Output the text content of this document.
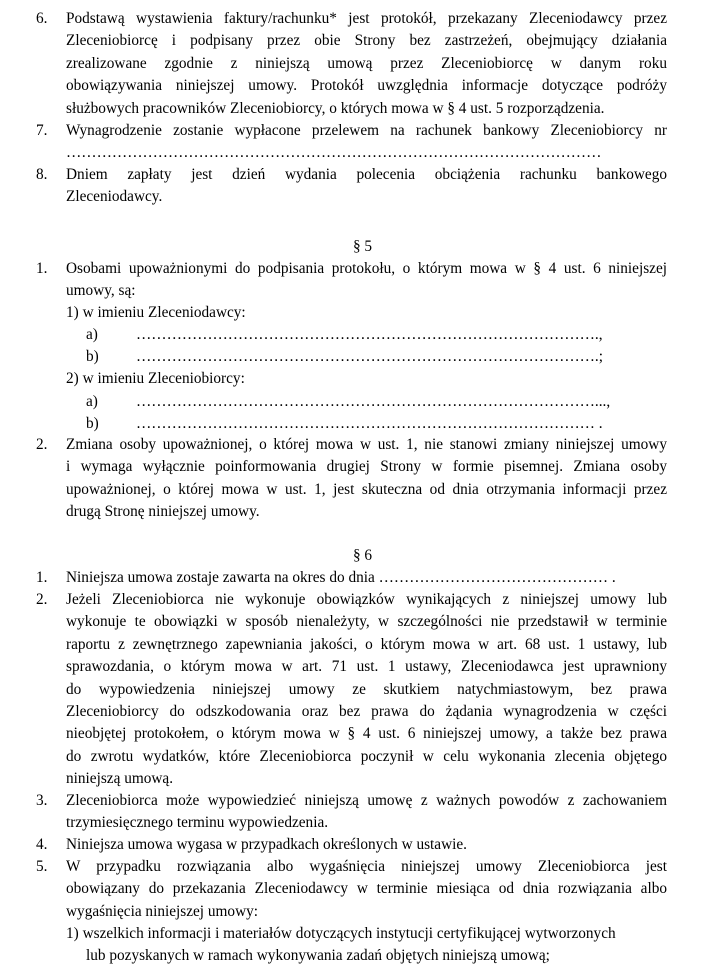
6. Podstawą wystawienia faktury/rachunku* jest protokół, przekazany Zleceniodawcy przez
Zleceniobiorcę i podpisany przez obie Strony bez zastrzeżeń, obejmujący działania
zrealizowane zgodnie z niniejszą umową przez Zleceniobiorcę w danym roku
obowiązywania niniejszej umowy. Protokół uwzględnia informacje dotyczące podróży
służbowych pracowników Zleceniobiorcy, o których mowa w § 4 ust. 5 rozporządzenia.
7. Wynagrodzenie zostanie wypłacone przelewem na rachunek bankowy Zleceniobiorcy nr
……………………………………………………………………………………………
8. Dniem zapłaty jest dzień wydania polecenia obciążenia rachunku bankowego
Zleceniodawcy.
§ 5
1. Osobami upoważnionymi do podpisania protokołu, o którym mowa w § 4 ust. 6 niniejszej
umowy, są:
1) w imieniu Zleceniodawcy:
a) ……………………………………………………………………………….,
b) ……………………………………………………………………………….;
2) w imieniu Zleceniobiorcy:
a) ………………………………………………………………………………...,
b) ……………………………………………………………………………… .
2. Zmiana osoby upoważnionej, o której mowa w ust. 1, nie stanowi zmiany niniejszej umowy
i wymaga wyłącznie poinformowania drugiej Strony w formie pisemnej. Zmiana osoby
upoważnionej, o której mowa w ust. 1, jest skuteczna od dnia otrzymania informacji przez
drugą Stronę niniejszej umowy.
§ 6
1. Niniejsza umowa zostaje zawarta na okres do dnia ……………………………………… .
2. Jeżeli Zleceniobiorca nie wykonuje obowiązków wynikających z niniejszej umowy lub
wykonuje te obowiązki w sposób nienależyty, w szczególności nie przedstawił w terminie
raportu z zewnętrznego zapewniania jakości, o którym mowa w art. 68 ust. 1 ustawy, lub
sprawozdania, o którym mowa w art. 71 ust. 1 ustawy, Zleceniodawca jest uprawniony
do wypowiedzenia niniejszej umowy ze skutkiem natychmiastowym, bez prawa
Zleceniobiorcy do odszkodowania oraz bez prawa do żądania wynagrodzenia w części
nieobjętej protokołem, o którym mowa w § 4 ust. 6 niniejszej umowy, a także bez prawa
do zwrotu wydatków, które Zleceniobiorca poczynił w celu wykonania zlecenia objętego
niniejszą umową.
3. Zleceniobiorca może wypowiedzieć niniejszą umowę z ważnych powodów z zachowaniem
trzymiesięcznego terminu wypowiedzenia.
4. Niniejsza umowa wygasa w przypadkach określonych w ustawie.
5. W przypadku rozwiązania albo wygaśnięcia niniejszej umowy Zleceniobiorca jest
obowiązany do przekazania Zleceniodawcy w terminie miesiąca od dnia rozwiązania albo
wygaśnięcia niniejszej umowy:
1) wszelkich informacji i materiałów dotyczących instytucji certyfikującej wytworzonych
lub pozyskanych w ramach wykonywania zadań objętych niniejszą umową;
